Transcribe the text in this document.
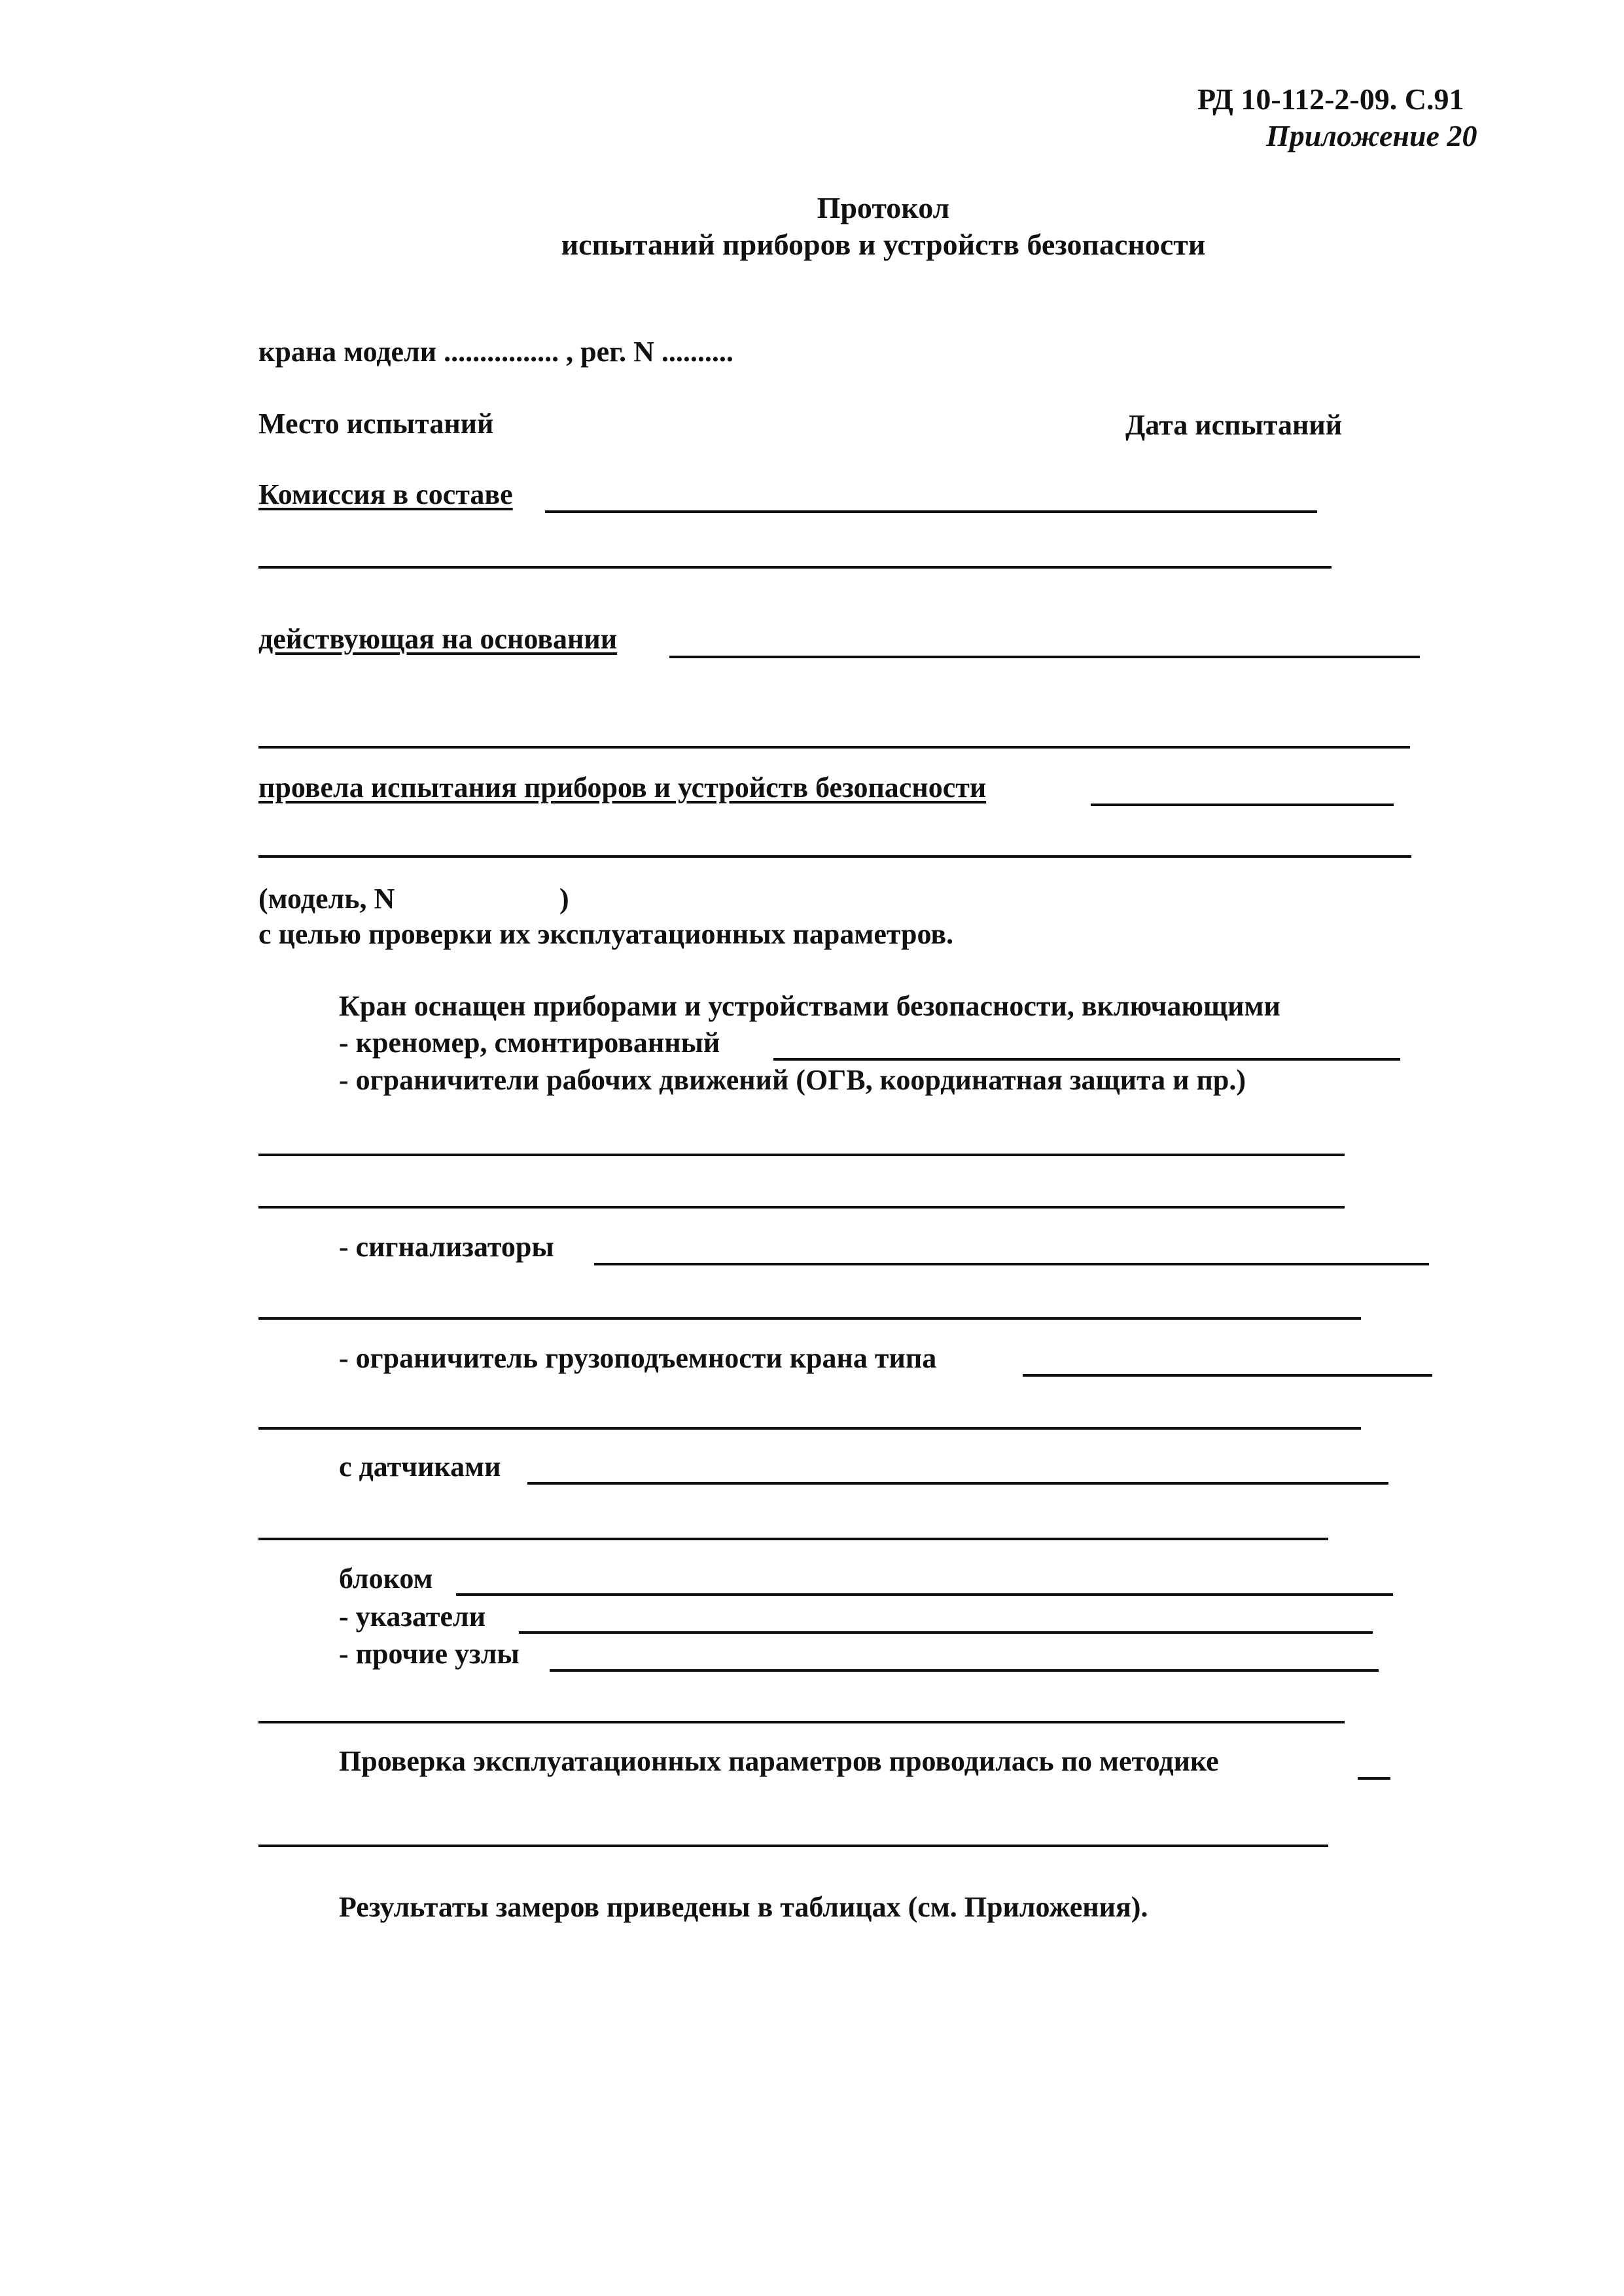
РД 10-112-2-09. С.91
Приложение 20
Протокол
испытаний приборов и устройств безопасности
крана модели ................ , рег. N ..........
Место испытаний	Дата испытаний
Комиссия в составе
действующая на основании
провела испытания приборов и устройств безопасности
(модель, N	)
с целью проверки их эксплуатационных параметров.
Кран оснащен приборами и устройствами безопасности, включающими
- креномер, смонтированный
- ограничители рабочих движений (ОГВ, координатная защита и пр.)
- сигнализаторы
- ограничитель грузоподъемности крана типа
с датчиками
блоком
- указатели
- прочие узлы
Проверка эксплуатационных параметров проводилась по методике
Результаты замеров приведены в таблицах (см. Приложения).
